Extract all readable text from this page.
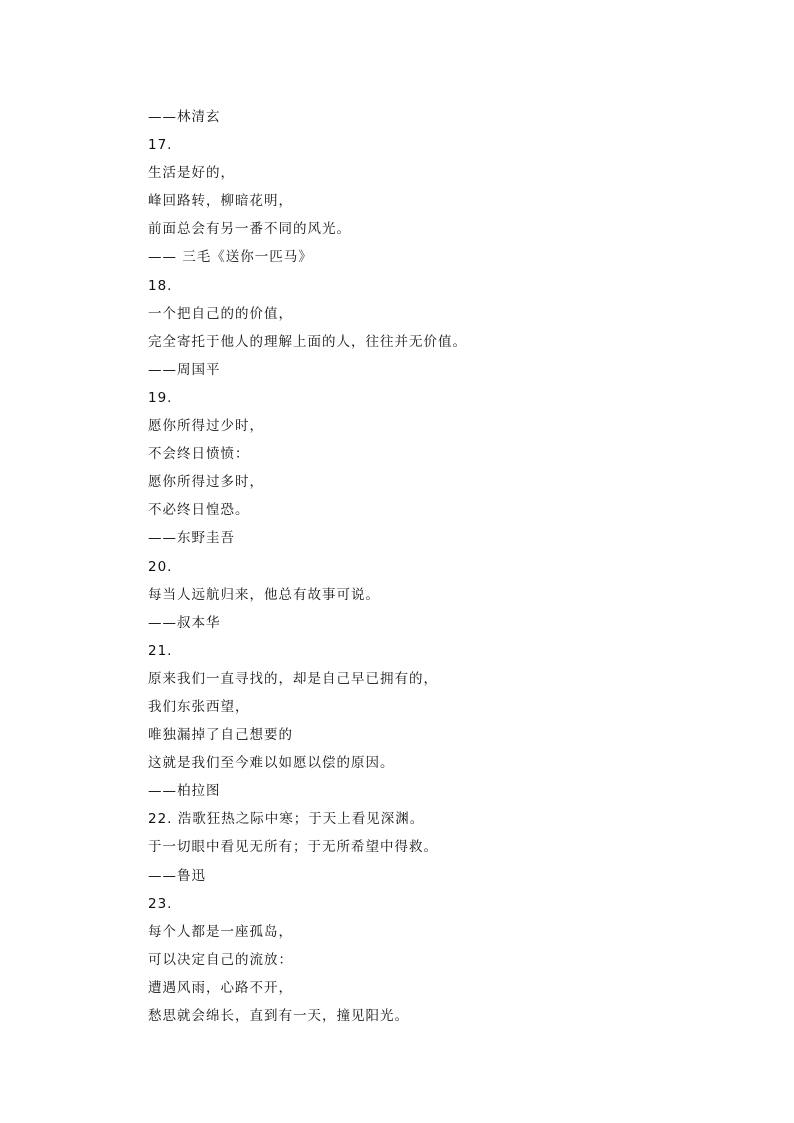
——林清玄
17.
生活是好的，
峰回路转，柳暗花明，
前面总会有另一番不同的风光。
—— 三毛《送你一匹马》
18.
一个把自己的的价值，
完全寄托于他人的理解上面的人，往往并无价值。
——周国平
19.
愿你所得过少时，
不会终日愤愤：
愿你所得过多时，
不必终日惶恐。
——东野圭吾
20.
每当人远航归来，他总有故事可说。
——叔本华
21.
原来我们一直寻找的，却是自己早已拥有的，
我们东张西望，
唯独漏掉了自己想要的
这就是我们至今难以如愿以偿的原因。
——柏拉图
22. 浩歌狂热之际中寒；于天上看见深渊。
于一切眼中看见无所有；于无所希望中得救。
——鲁迅
23.
每个人都是一座孤岛，
可以决定自己的流放：
遭遇风雨，心路不开，
愁思就会绵长，直到有一天，撞见阳光。
